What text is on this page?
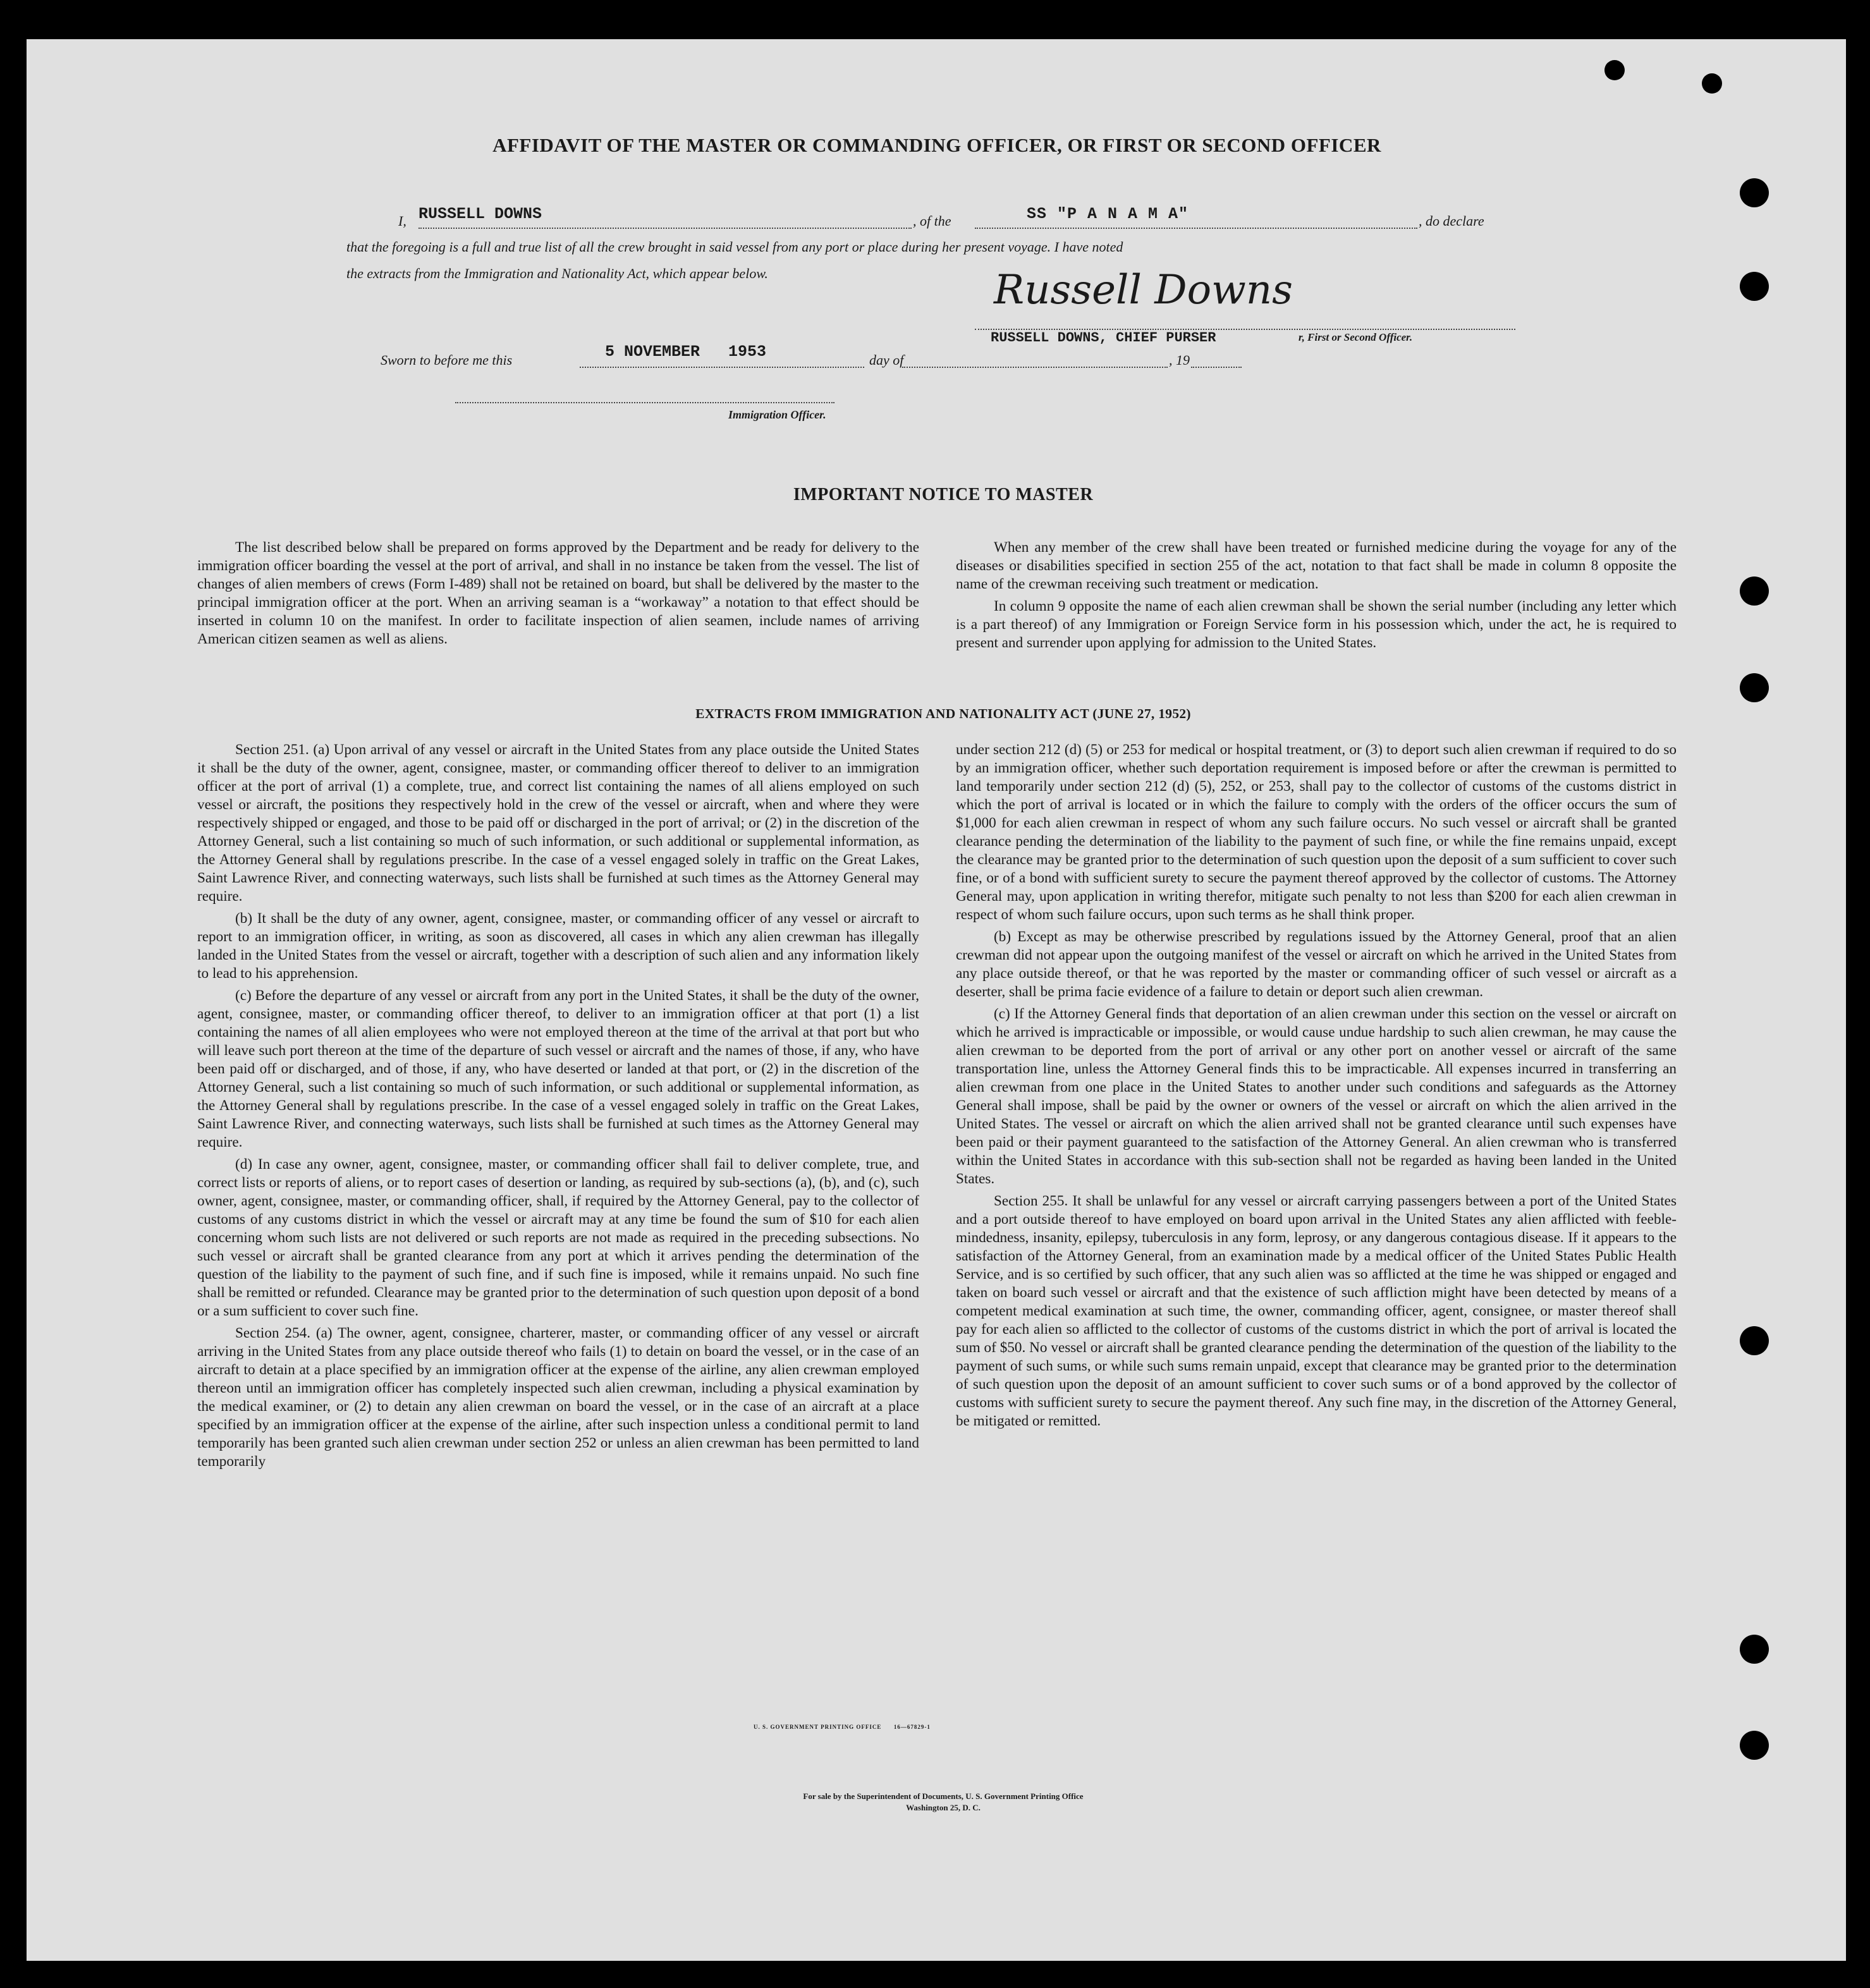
AFFIDAVIT OF THE MASTER OR COMMANDING OFFICER, OR FIRST OR SECOND OFFICER
I, RUSSELL DOWNS	, of the	SS "P A N A M A"	, do declare
that the foregoing is a full and true list of all the crew brought in said vessel from any port or place during her present voyage. I have noted
the extracts from the Immigration and Nationality Act, which appear below.	Russell Downs
RUSSELL DOWNS, CHIEF PURSER	r, First or Second Officer.
Sworn to before me this	5 NOVEMBER   1953	day of	, 19
Immigration Officer.
IMPORTANT NOTICE TO MASTER

The list described below shall be prepared on forms approved by the Department and be ready for delivery to the immigration officer boarding the vessel at the port of arrival, and shall in no instance be taken from the vessel. The list of changes of alien members of crews (Form I-489) shall not be retained on board, but shall be delivered by the master to the principal immigration officer at the port. When an arriving seaman is a “workaway” a notation to that effect should be inserted in column 10 on the manifest. In order to facilitate inspection of alien seamen, include names of arriving American citizen seamen as well as aliens.

When any member of the crew shall have been treated or furnished medicine during the voyage for any of the diseases or disabilities specified in section 255 of the act, notation to that fact shall be made in column 8 opposite the name of the crewman receiving such treatment or medication.

In column 9 opposite the name of each alien crewman shall be shown the serial number (including any letter which is a part thereof) of any Immigration or Foreign Service form in his possession which, under the act, he is required to present and surrender upon applying for admission to the United States.

EXTRACTS FROM IMMIGRATION AND NATIONALITY ACT (JUNE 27, 1952)

Section 251. (a) Upon arrival of any vessel or aircraft in the United States from any place outside the United States it shall be the duty of the owner, agent, consignee, master, or commanding officer thereof to deliver to an immigration officer at the port of arrival (1) a complete, true, and correct list containing the names of all aliens employed on such vessel or aircraft, the positions they respectively hold in the crew of the vessel or aircraft, when and where they were respectively shipped or engaged, and those to be paid off or discharged in the port of arrival; or (2) in the discretion of the Attorney General, such a list containing so much of such information, or such additional or supplemental information, as the Attorney General shall by regulations prescribe. In the case of a vessel engaged solely in traffic on the Great Lakes, Saint Lawrence River, and connecting waterways, such lists shall be furnished at such times as the Attorney General may require.

(b) It shall be the duty of any owner, agent, consignee, master, or commanding officer of any vessel or aircraft to report to an immigration officer, in writing, as soon as discovered, all cases in which any alien crewman has illegally landed in the United States from the vessel or aircraft, together with a description of such alien and any information likely to lead to his apprehension.

(c) Before the departure of any vessel or aircraft from any port in the United States, it shall be the duty of the owner, agent, consignee, master, or commanding officer thereof, to deliver to an immigration officer at that port (1) a list containing the names of all alien employees who were not employed thereon at the time of the arrival at that port but who will leave such port thereon at the time of the departure of such vessel or aircraft and the names of those, if any, who have been paid off or discharged, and of those, if any, who have deserted or landed at that port, or (2) in the discretion of the Attorney General, such a list containing so much of such information, or such additional or supplemental information, as the Attorney General shall by regulations prescribe. In the case of a vessel engaged solely in traffic on the Great Lakes, Saint Lawrence River, and connecting waterways, such lists shall be furnished at such times as the Attorney General may require.

(d) In case any owner, agent, consignee, master, or commanding officer shall fail to deliver complete, true, and correct lists or reports of aliens, or to report cases of desertion or landing, as required by sub-sections (a), (b), and (c), such owner, agent, consignee, master, or commanding officer, shall, if required by the Attorney General, pay to the collector of customs of any customs district in which the vessel or aircraft may at any time be found the sum of $10 for each alien concerning whom such lists are not delivered or such reports are not made as required in the preceding subsections. No such vessel or aircraft shall be granted clearance from any port at which it arrives pending the determination of the question of the liability to the payment of such fine, and if such fine is imposed, while it remains unpaid. No such fine shall be remitted or refunded. Clearance may be granted prior to the determination of such question upon deposit of a bond or a sum sufficient to cover such fine.

Section 254. (a) The owner, agent, consignee, charterer, master, or commanding officer of any vessel or aircraft arriving in the United States from any place outside thereof who fails (1) to detain on board the vessel, or in the case of an aircraft to detain at a place specified by an immigration officer at the expense of the airline, any alien crewman employed thereon until an immigration officer has completely inspected such alien crewman, including a physical examination by the medical examiner, or (2) to detain any alien crewman on board the vessel, or in the case of an aircraft at a place specified by an immigration officer at the expense of the airline, after such inspection unless a conditional permit to land temporarily has been granted such alien crewman under section 252 or unless an alien crewman has been permitted to land temporarily

under section 212 (d) (5) or 253 for medical or hospital treatment, or (3) to deport such alien crewman if required to do so by an immigration officer, whether such deportation requirement is imposed before or after the crewman is permitted to land temporarily under section 212 (d) (5), 252, or 253, shall pay to the collector of customs of the customs district in which the port of arrival is located or in which the failure to comply with the orders of the officer occurs the sum of $1,000 for each alien crewman in respect of whom any such failure occurs. No such vessel or aircraft shall be granted clearance pending the determination of the liability to the payment of such fine, or while the fine remains unpaid, except the clearance may be granted prior to the determination of such question upon the deposit of a sum sufficient to cover such fine, or of a bond with sufficient surety to secure the payment thereof approved by the collector of customs. The Attorney General may, upon application in writing therefor, mitigate such penalty to not less than $200 for each alien crewman in respect of whom such failure occurs, upon such terms as he shall think proper.

(b) Except as may be otherwise prescribed by regulations issued by the Attorney General, proof that an alien crewman did not appear upon the outgoing manifest of the vessel or aircraft on which he arrived in the United States from any place outside thereof, or that he was reported by the master or commanding officer of such vessel or aircraft as a deserter, shall be prima facie evidence of a failure to detain or deport such alien crewman.

(c) If the Attorney General finds that deportation of an alien crewman under this section on the vessel or aircraft on which he arrived is impracticable or impossible, or would cause undue hardship to such alien crewman, he may cause the alien crewman to be deported from the port of arrival or any other port on another vessel or aircraft of the same transportation line, unless the Attorney General finds this to be impracticable. All expenses incurred in transferring an alien crewman from one place in the United States to another under such conditions and safeguards as the Attorney General shall impose, shall be paid by the owner or owners of the vessel or aircraft on which the alien arrived in the United States. The vessel or aircraft on which the alien arrived shall not be granted clearance until such expenses have been paid or their payment guaranteed to the satisfaction of the Attorney General. An alien crewman who is transferred within the United States in accordance with this sub-section shall not be regarded as having been landed in the United States.

Section 255. It shall be unlawful for any vessel or aircraft carrying passengers between a port of the United States and a port outside thereof to have employed on board upon arrival in the United States any alien afflicted with feeble-mindedness, insanity, epilepsy, tuberculosis in any form, leprosy, or any dangerous contagious disease. If it appears to the satisfaction of the Attorney General, from an examination made by a medical officer of the United States Public Health Service, and is so certified by such officer, that any such alien was so afflicted at the time he was shipped or engaged and taken on board such vessel or aircraft and that the existence of such affliction might have been detected by means of a competent medical examination at such time, the owner, commanding officer, agent, consignee, or master thereof shall pay for each alien so afflicted to the collector of customs of the customs district in which the port of arrival is located the sum of $50. No vessel or aircraft shall be granted clearance pending the determination of the question of the liability to the payment of such sums, or while such sums remain unpaid, except that clearance may be granted prior to the determination of such question upon the deposit of an amount sufficient to cover such sums or of a bond approved by the collector of customs with sufficient surety to secure the payment thereof. Any such fine may, in the discretion of the Attorney General, be mitigated or remitted.

U. S. GOVERNMENT PRINTING OFFICE      16—67829-1
For sale by the Superintendent of Documents, U. S. Government Printing Office
Washington 25, D. C.
